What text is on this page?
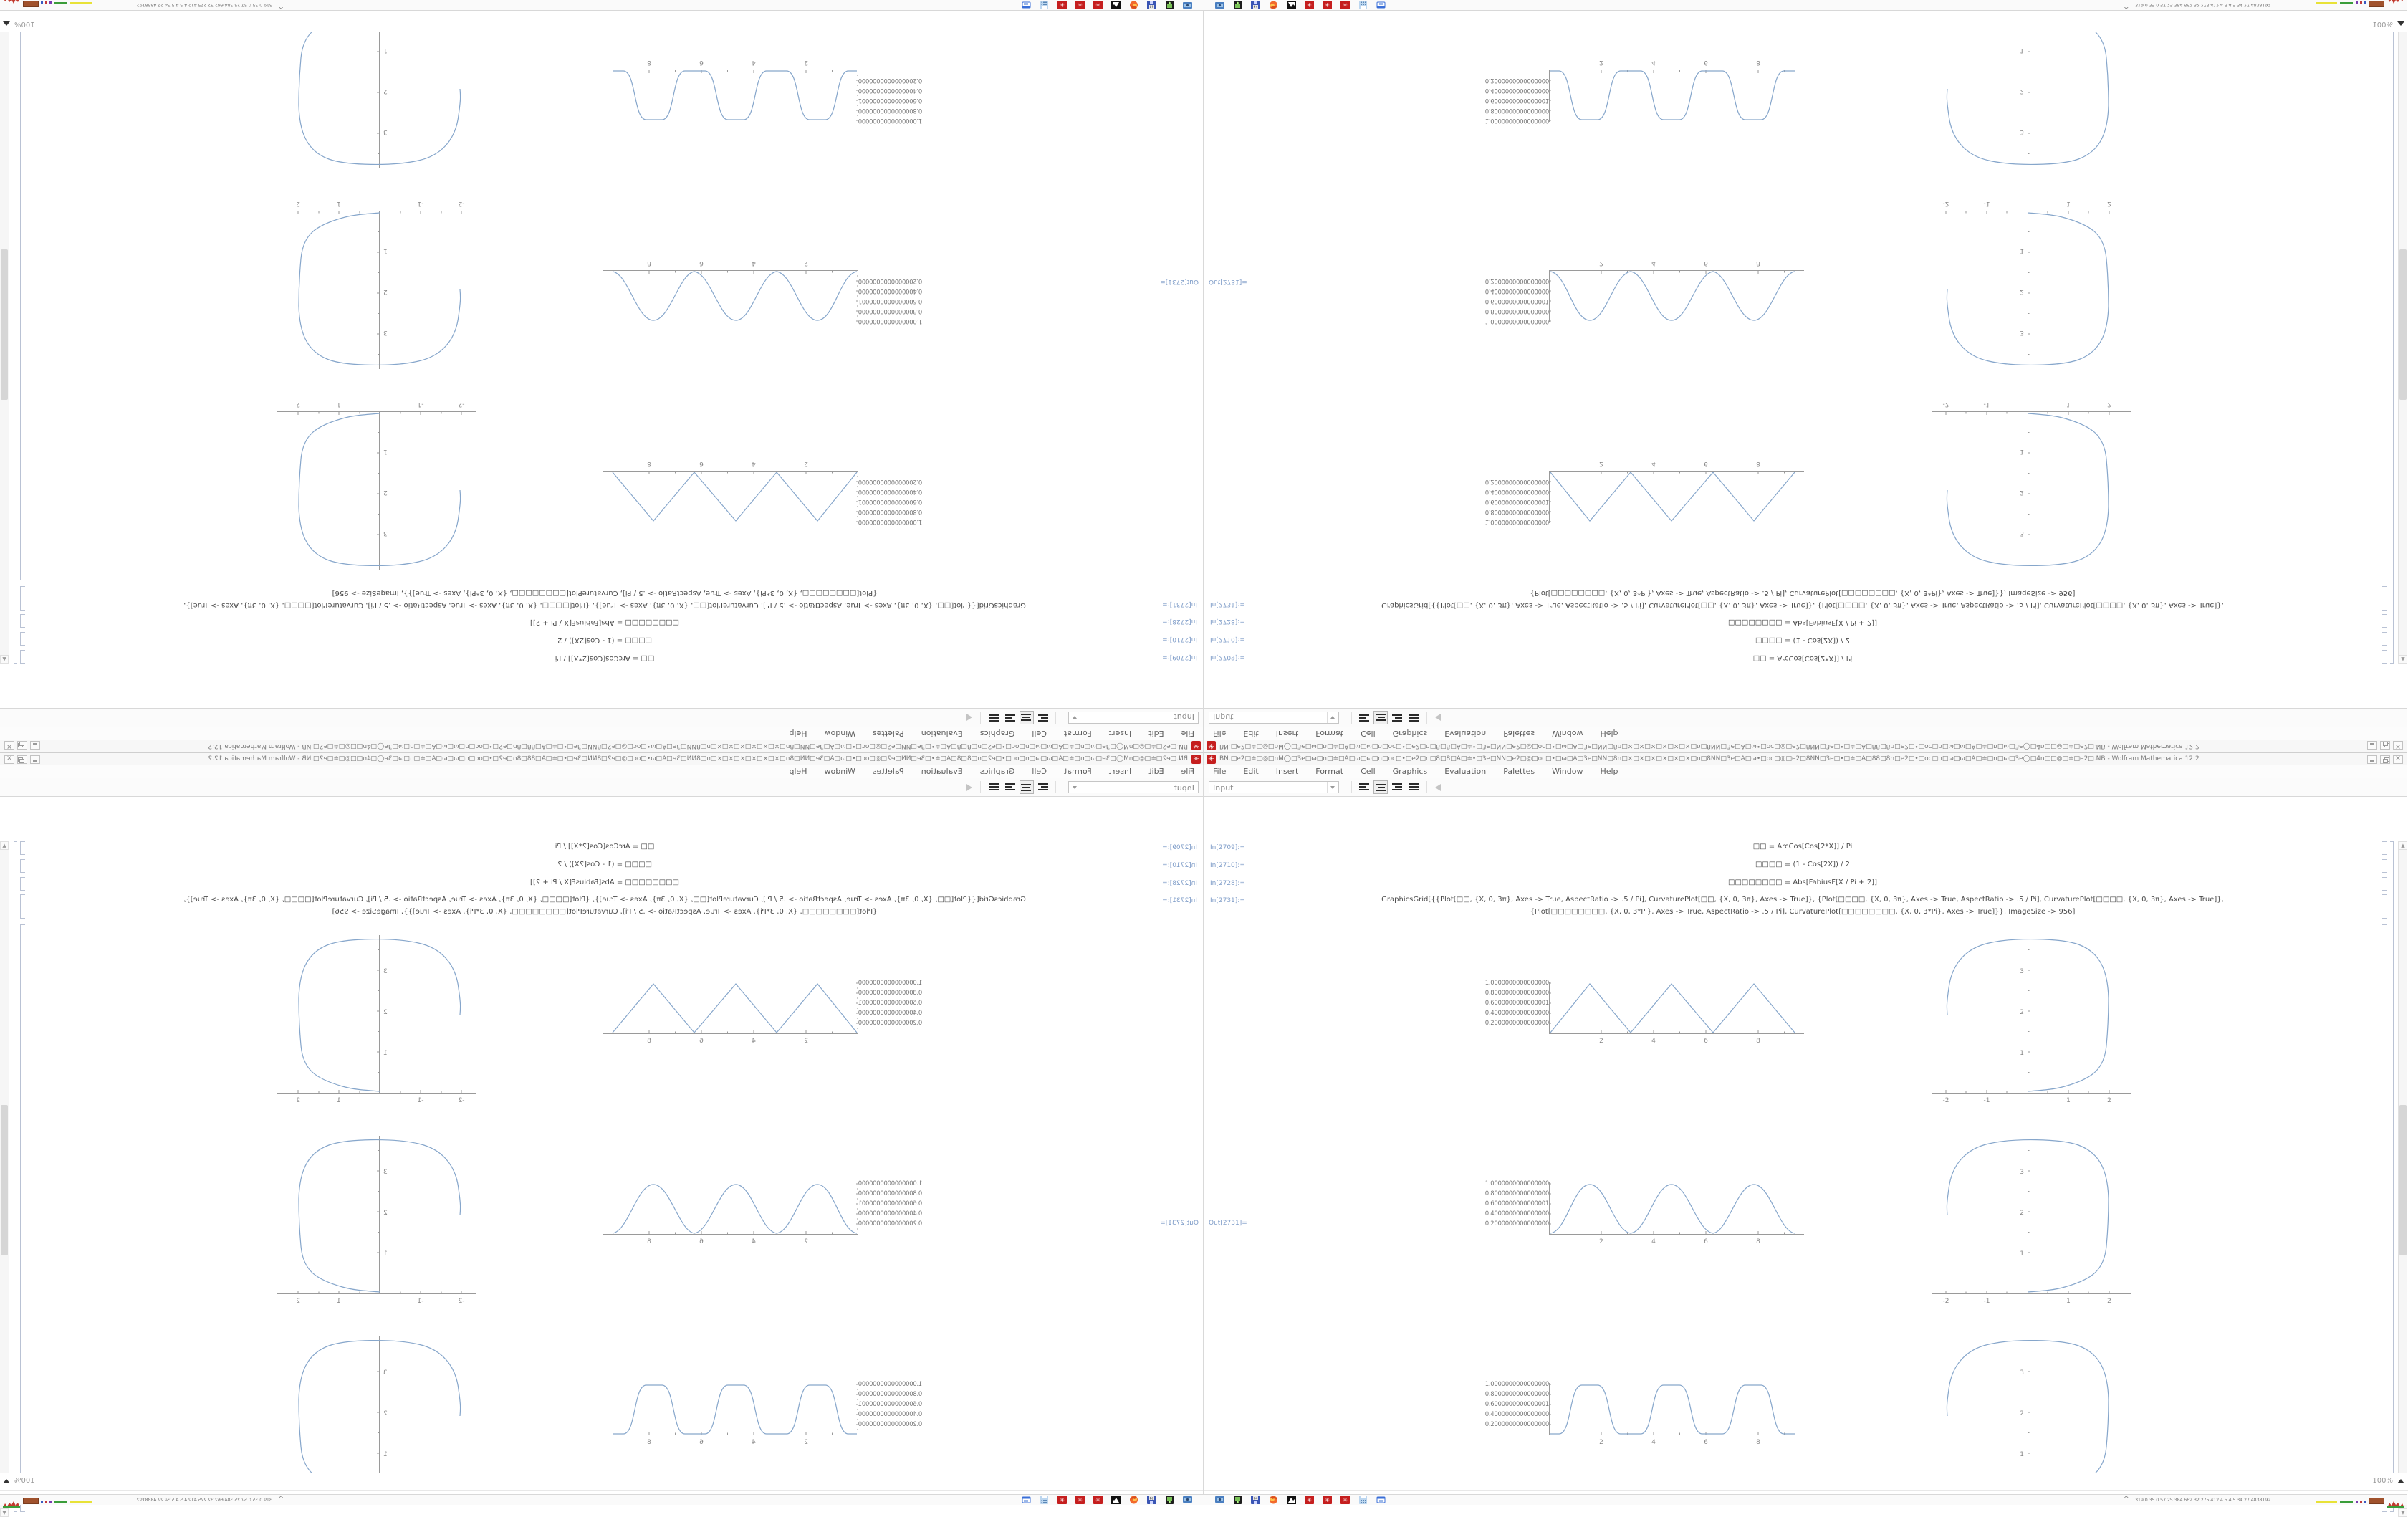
✳
BN.□e2□≑□◎□nM◯□3e□ω□n□≑□A□ω□ω□n□oc□•□e2□n□8□8□A□≑•□3e□NN□e2□◎□oc□•□ω□A□3e□NN□8n□×□×□×□×□×□×□n□8NN□3e□A□ω•□oc□◎□e2□8NN□3e□•□≑□A□88□8n□e2□•□oc□n□ω□ω□A□≑□n□ω□3e◯□4n□□◎□≑□e2□.NB - Wolfram Mathematica 12.2
✕
File	Edit	Insert	Format	Cell	Graphics	Evaluation	Palettes	Window	Help
Input
In[2709]:=	□□ = ArcCos[Cos[2*X]] / Pi
In[2710]:=	□□□□ = (1 - Cos[2X]) / 2
In[2728]:=	□□□□□□□□ = Abs[FabiusF[X / Pi + 2]]
In[2731]:=	GraphicsGrid[{{Plot[□□, {X, 0, 3π}, Axes -> True, AspectRatio -> .5 / Pi], CurvaturePlot[□□, {X, 0, 3π}, Axes -> True]}, {Plot[□□□□, {X, 0, 3π}, Axes -> True, AspectRatio -> .5 / Pi], CurvaturePlot[□□□□, {X, 0, 3π}, Axes -> True]},
{Plot[□□□□□□□□, {X, 0, 3*Pi}, Axes -> True, AspectRatio -> .5 / Pi], CurvaturePlot[□□□□□□□□, {X, 0, 3*Pi}, Axes -> True]}}, ImageSize -> 956]
Out[2731]=
1.0000000000000000
0.8000000000000000
0.6000000000000001
0.4000000000000000
0.2000000000000000
2	4	6	8
1.0000000000000000
0.8000000000000000
0.6000000000000001
0.4000000000000000
0.2000000000000000
2	4	6	8
1.0000000000000000
0.8000000000000000
0.6000000000000001
0.4000000000000000
0.2000000000000000
2	4	6	8
-2	-1	1	2
3
2
1
-2	-1	1	2
3
2
1
3
2
1
▲
▼
100%
64	✳ ✳ ✳	^ 319 0.35 0.57 25 384 662 32 275 412 4.5 4.5 34 27 4838192
✳
BN.□e2□≑□◎□nM◯□3e□ω□n□≑□A□ω□ω□n□oc□•□e2□n□8□8□A□≑•□3e□NN□e2□◎□oc□•□ω□A□3e□NN□8n□×□×□×□×□×□×□n□8NN□3e□A□ω•□oc□◎□e2□8NN□3e□•□≑□A□88□8n□e2□•□oc□n□ω□ω□A□≑□n□ω□3e◯□4n□□◎□≑□e2□.NB - Wolfram Mathematica 12.2
✕
File
Edit
Insert
Format
Cell
Graphics
Evaluation
Palettes
Window
Help
Input
In[2709]:=
□□ = ArcCos[Cos[2*X]] / Pi
In[2710]:=
□□□□ = (1 - Cos[2X]) / 2
In[2728]:=
□□□□□□□□ = Abs[FabiusF[X / Pi + 2]]
In[2731]:=
GraphicsGrid[{{Plot[□□, {X, 0, 3π}, Axes -> True, AspectRatio -> .5 / Pi], CurvaturePlot[□□, {X, 0, 3π}, Axes -> True]}, {Plot[□□□□, {X, 0, 3π}, Axes -> True, AspectRatio -> .5 / Pi], CurvaturePlot[□□□□, {X, 0, 3π}, Axes -> True]},
{Plot[□□□□□□□□, {X, 0, 3*Pi}, Axes -> True, AspectRatio -> .5 / Pi], CurvaturePlot[□□□□□□□□, {X, 0, 3*Pi}, Axes -> True]}}, ImageSize -> 956]
Out[2731]=
1.0000000000000000
0.8000000000000000
0.6000000000000001
0.4000000000000000
0.2000000000000000
2
4
6
8
1.0000000000000000
0.8000000000000000
0.6000000000000001
0.4000000000000000
0.2000000000000000
2
4
6
8
1.0000000000000000
0.8000000000000000
0.6000000000000001
0.4000000000000000
0.2000000000000000
2
4
6
8
-2
-1
1
2
3
2
1
-2
-1
1
2
3
2
1
3
2
1
▲
▼
100%
64
✳
✳
✳
^
319 0.35 0.57 25 384 662 32 275 412 4.5 4.5 34 27 4838192
✳
BN.□e2□≑□◎□nM◯□3e□ω□n□≑□A□ω□ω□n□oc□•□e2□n□8□8□A□≑•□3e□NN□e2□◎□oc□•□ω□A□3e□NN□8n□×□×□×□×□×□×□n□8NN□3e□A□ω•□oc□◎□e2□8NN□3e□•□≑□A□88□8n□e2□•□oc□n□ω□ω□A□≑□n□ω□3e◯□4n□□◎□≑□e2□.NB - Wolfram Mathematica 12.2
✕
File	Edit	Insert	Format	Cell	Graphics	Evaluation	Palettes	Window	Help
Input
In[2709]:=	□□ = ArcCos[Cos[2*X]] / Pi
In[2710]:=	□□□□ = (1 - Cos[2X]) / 2
In[2728]:=	□□□□□□□□ = Abs[FabiusF[X / Pi + 2]]
In[2731]:=	GraphicsGrid[{{Plot[□□, {X, 0, 3π}, Axes -> True, AspectRatio -> .5 / Pi], CurvaturePlot[□□, {X, 0, 3π}, Axes -> True]}, {Plot[□□□□, {X, 0, 3π}, Axes -> True, AspectRatio -> .5 / Pi], CurvaturePlot[□□□□, {X, 0, 3π}, Axes -> True]},
{Plot[□□□□□□□□, {X, 0, 3*Pi}, Axes -> True, AspectRatio -> .5 / Pi], CurvaturePlot[□□□□□□□□, {X, 0, 3*Pi}, Axes -> True]}}, ImageSize -> 956]
Out[2731]=
1.0000000000000000
0.8000000000000000
0.6000000000000001
0.4000000000000000
0.2000000000000000
2	4	6	8
1.0000000000000000
0.8000000000000000
0.6000000000000001
0.4000000000000000
0.2000000000000000
2	4	6	8
1.0000000000000000
0.8000000000000000
0.6000000000000001
0.4000000000000000
0.2000000000000000
2	4	6	8
-2	-1	1	2
3
2
1
-2	-1	1	2
3
2
1
3
2
1
▲
100%
64	✳ ✳ ✳	^ 319 0.35 0.57 25 384 662 32 275 412 4.5 4.5 34 27 4838192
✳
BN.□e2□≑□◎□nM◯□3e□ω□n□≑□A□ω□ω□n□oc□•□e2□n□8□8□A□≑•□3e□NN□e2□◎□oc□•□ω□A□3e□NN□8n□×□×□×□×□×□×□n□8NN□3e□A□ω•□oc□◎□e2□8NN□3e□•□≑□A□88□8n□e2□•□oc□n□ω□ω□A□≑□n□ω□3e◯□4n□□◎□≑□e2□.NB - Wolfram Mathematica 12.2
✕
File
Edit
Insert
Format
Cell
Graphics
Evaluation
Palettes
Window
Help
Input
In[2709]:=
□□ = ArcCos[Cos[2*X]] / Pi
In[2710]:=
□□□□ = (1 - Cos[2X]) / 2
In[2728]:=
□□□□□□□□ = Abs[FabiusF[X / Pi + 2]]
In[2731]:=
GraphicsGrid[{{Plot[□□, {X, 0, 3π}, Axes -> True, AspectRatio -> .5 / Pi], CurvaturePlot[□□, {X, 0, 3π}, Axes -> True]}, {Plot[□□□□, {X, 0, 3π}, Axes -> True, AspectRatio -> .5 / Pi], CurvaturePlot[□□□□, {X, 0, 3π}, Axes -> True]},
{Plot[□□□□□□□□, {X, 0, 3*Pi}, Axes -> True, AspectRatio -> .5 / Pi], CurvaturePlot[□□□□□□□□, {X, 0, 3*Pi}, Axes -> True]}}, ImageSize -> 956]
Out[2731]=
1.0000000000000000
0.8000000000000000
0.6000000000000001
0.4000000000000000
0.2000000000000000
2
4
6
8
1.0000000000000000
0.8000000000000000
0.6000000000000001
0.4000000000000000
0.2000000000000000
2
4
6
8
1.0000000000000000
0.8000000000000000
0.6000000000000001
0.4000000000000000
0.2000000000000000
2
4
6
8
-2
-1
1
2
3
2
1
-2
-1
1
2
3
2
1
3
2
1
▲
100%
64
✳
✳
✳
^
319 0.35 0.57 25 384 662 32 275 412 4.5 4.5 34 27 4838192
